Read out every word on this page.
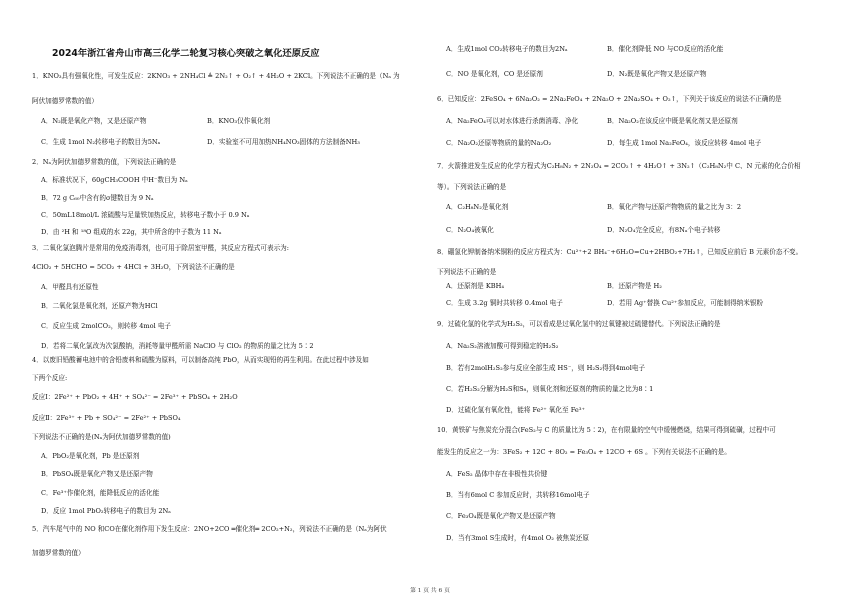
2024年浙江省舟山市高三化学二轮复习核心突破之氧化还原反应
1．KNO₃具有强氧化性，可发生反应：2KNO₃ + 2NH₄Cl ≜ 2N₂↑ + O₂↑ + 4H₂O + 2KCl。下列说法不正确的是（Nₐ 为
阿伏加德罗常数的值）
A．N₂既是氧化产物，又是还原产物	B．KNO₃仅作氧化剂
C．生成 1mol N₂转移电子的数目为5Nₐ	D．实验室不可用加热NH₄NO₃固体的方法制备NH₃
2．Nₐ为阿伏加德罗常数的值，下列说法正确的是
A．标准状况下，60gCH₃COOH 中H⁻数目为 Nₐ
B．72 g C₆₀中含有的σ键数目为 9 Nₐ
C．50mL18mol/L 浓硫酸与足量铁加热反应，转移电子数小于 0.9 Nₐ
D．由 ²H 和 ¹⁸O 组成的水 22g，其中所含的中子数为 11 Nₐ
3．二氧化氯泡腾片是常用的免疫消毒剂，也可用于除居室甲醛，其反应方程式可表示为:
4ClO₂ + 5HCHO = 5CO₂ + 4HCl + 3H₂O，下列说法不正确的是
A．甲醛具有还原性
B．二氧化氯是氧化剂，还原产物为HCl
C．反应生成 2molCO₂，则转移 4mol 电子
D．若将二氧化氯改为次氯酸钠，消耗等量甲醛所需 NaClO 与 ClO₂ 的物质的量之比为 5∶2
4．以废旧铅酸蓄电池中的含铅废料和硫酸为原料，可以制备高纯 PbO，从而实现铅的再生利用。在此过程中涉及如
下两个反应:
反应Ⅰ：2Fe²⁺ + PbO₂ + 4H⁺ + SO₄²⁻ = 2Fe³⁺ + PbSO₄ + 2H₂O
反应Ⅱ：2Fe³⁺ + Pb + SO₄²⁻ = 2Fe²⁺ + PbSO₄
下列说法不正确的是(Nₐ为阿伏加德罗常数的值)
A．PbO₂是氧化剂，Pb 是还原剂
B．PbSO₄既是氧化产物又是还原产物
C．Fe³⁺作催化剂，能降低反应的活化能
D．反应 1mol PbO₂转移电子的数目为 2Nₐ
5．汽车尾气中的 NO 和CO在催化剂作用下发生反应：2NO+2CO ═催化剂═ 2CO₂+N₂，列说法不正确的是（Nₐ为阿伏
加德罗常数的值）
A．生成1mol CO₂转移电子的数目为2Nₐ	B．催化剂降低 NO 与CO反应的活化能
C．NO 是氧化剂，CO 是还原剂	D．N₂既是氧化产物又是还原产物
6．已知反应：2FeSO₄ + 6Na₂O₂ = 2Na₂FeO₄ + 2Na₂O + 2Na₂SO₄ + O₂↑，下列关于该反应的说法不正确的是
A．Na₂FeO₄可以对水体进行杀菌消毒、净化	B．Na₂O₂在该反应中既是氧化剂又是还原剂
C．Na₂O₂还原等物质的量的Na₂O₂	D．每生成 1mol Na₂FeO₄，该反应转移 4mol 电子
7．火箭推进发生反应的化学方程式为C₂H₈N₂ + 2N₂O₄ = 2CO₂↑ + 4H₂O↑ + 3N₂↑（C₂H₈N₂中 C、N 元素的化合价相
等）。下列说法正确的是
A．C₂H₈N₂是氧化剂	B．氧化产物与还原产物物质的量之比为 3：2
C．N₂O₄被氧化	D．N₂O₄完全反应，有8Nₐ个电子转移
8．硼氢化钾制备纳米铜粉的反应方程式为：Cu²⁺+2 BH₄⁻+6H₂O=Cu+2HBO₂+7H₂↑，已知反应前后 B 元素价态不变。
下列说法不正确的是
A．还原剂是 KBH₄	B．还原产物是 H₂
C．生成 3.2g 铜时共转移 0.4mol 电子	D．若用 Ag⁺替换 Cu²⁺参加反应，可能制得纳米银粉
9．过硫化氢的化学式为H₂S₂，可以看成是过氧化氢中的过氧键被过硫键替代。下列说法正确的是
A．Na₂S₂溶液加酸可得到稳定的H₂S₂
B．若有2molH₂S₂参与反应全部生成 HS⁻，则 H₂S₂得到4mol电子
C．若H₂S₂分解为H₂S和S₈，则氧化剂和还原剂的物质的量之比为8∶1
D．过硫化氢有氧化性，能将 Fe²⁺ 氧化至 Fe³⁺
10．黄铁矿与焦炭充分混合(FeS₂与 C 的质量比为 5∶2)，在有限量的空气中缓慢燃烧，结果可得到硫磺，过程中可
能发生的反应之一为：3FeS₂ + 12C + 8O₂ = Fe₃O₄ + 12CO + 6S 。下列有关说法不正确的是。
A．FeS₂ 晶体中存在非极性共价键
B．当有6mol C 参加反应时，共转移16mol电子
C．Fe₃O₄既是氧化产物又是还原产物
D．当有3mol S生成时，有4mol O₂ 被焦炭还原
第 1 页 共 6 页
